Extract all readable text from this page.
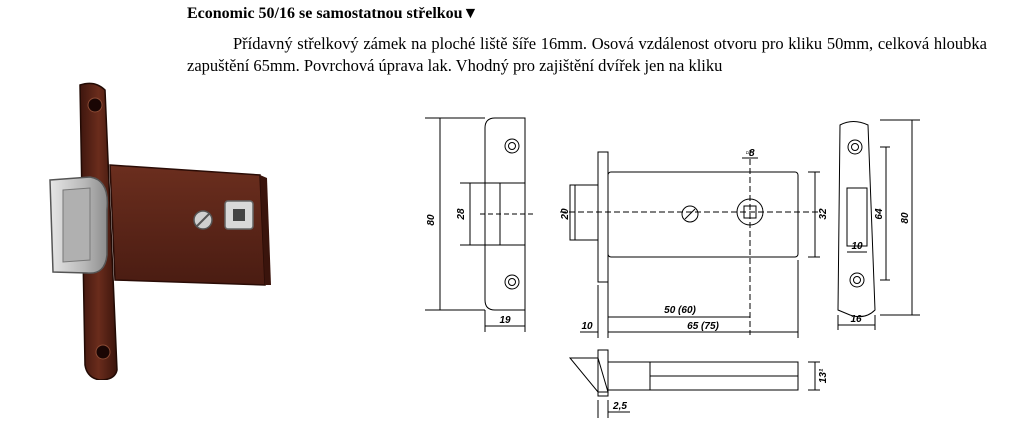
Economic 50/16 se samostatnou střelkou▼
Přídavný střelkový zámek na ploché liště šíře 16mm. Osová vzdálenost otvoru pro kliku 50mm, celková hloubka zapuštění 65mm. Povrchová úprava lak. Vhodný pro zajištění dvířek jen na kliku
80
28
19
20	32
▫8
50 (60)
65 (75)
10
10
64 80
16
13¹
2,5
